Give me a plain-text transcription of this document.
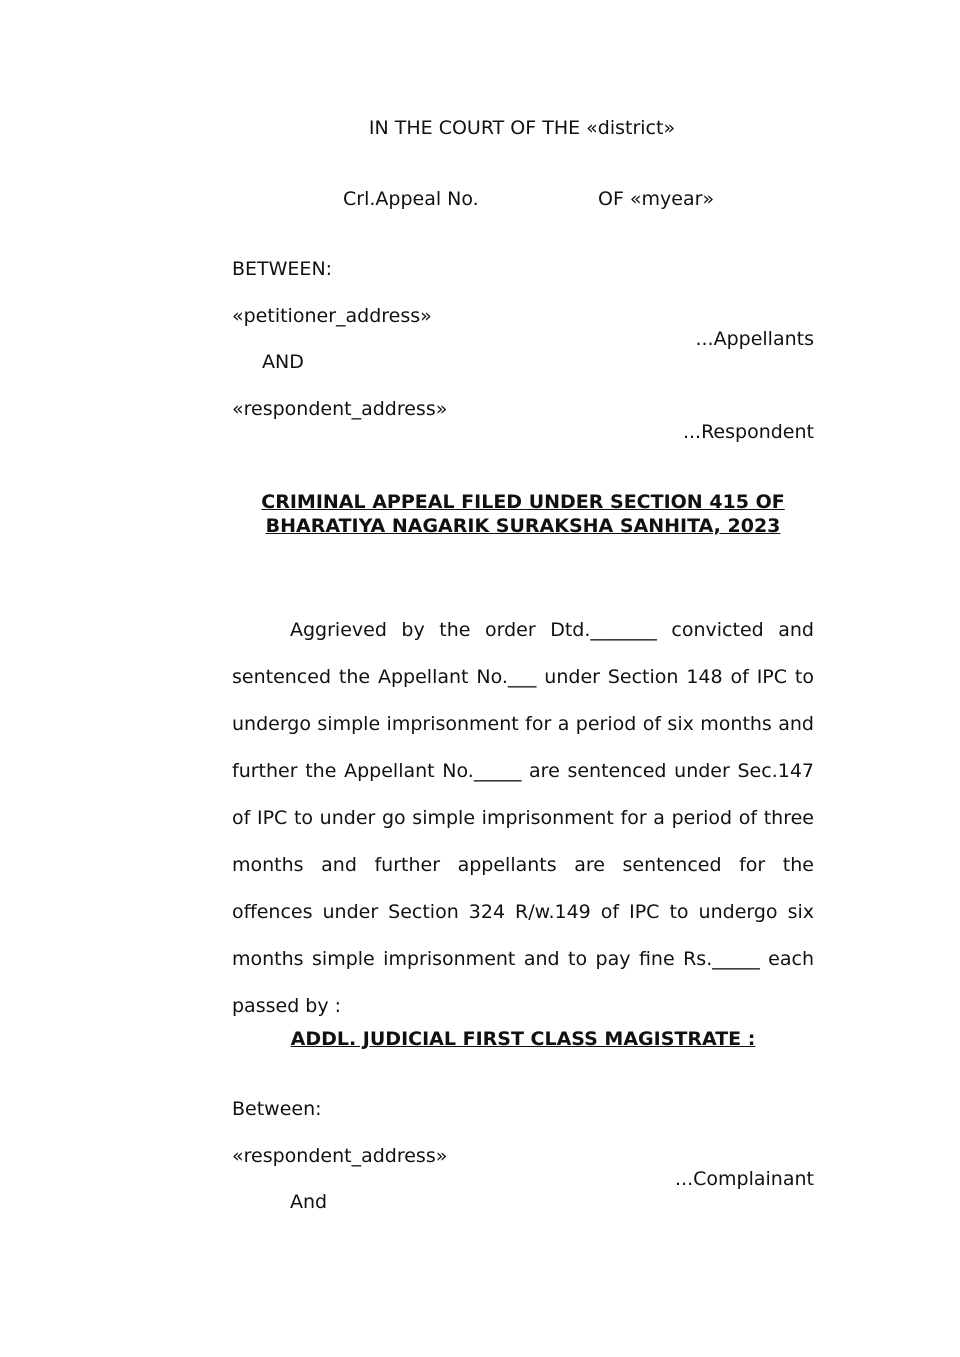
IN THE COURT OF THE «district»
Crl.Appeal No.	OF «myear»
BETWEEN:
«petitioner_address»
...Appellants
AND
«respondent_address»
...Respondent
CRIMINAL APPEAL FILED UNDER SECTION 415 OF
BHARATIYA NAGARIK SURAKSHA SANHITA, 2023

Aggrieved by the order Dtd._______ convicted and sentenced the Appellant No.___ under Section 148 of IPC to undergo simple imprisonment for a period of six months and further the Appellant No._____ are sentenced under Sec.147 of IPC to under go simple imprisonment for a period of three months and further appellants are sentenced for the offences under Section 324 R/w.149 of IPC to undergo six months simple imprisonment and to pay fine Rs._____ each passed by :

ADDL. JUDICIAL FIRST CLASS MAGISTRATE :
Between:
«respondent_address»
...Complainant
And
